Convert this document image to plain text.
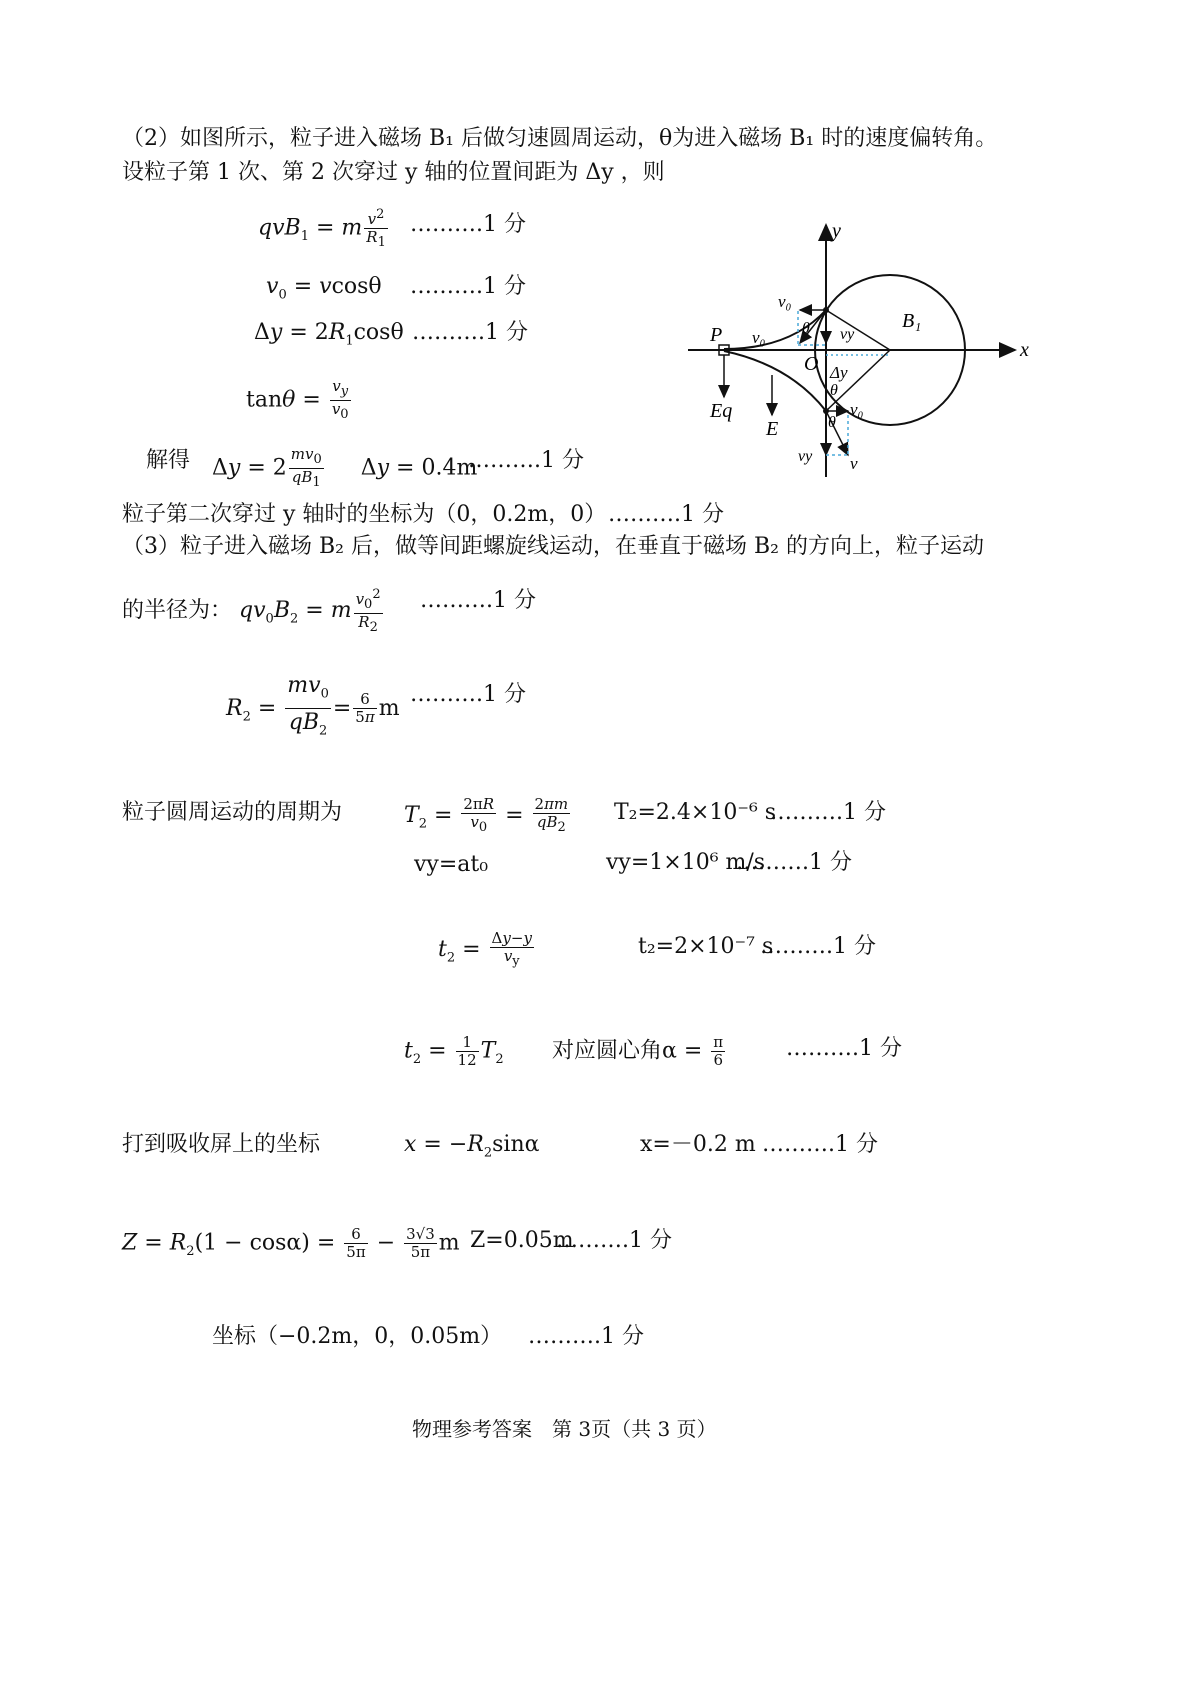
（2）如图所示，粒子进入磁场 B₁ 后做匀速圆周运动，θ为进入磁场 B₁ 时的速度偏转角。
设粒子第 1 次、第 2 次穿过 y 轴的位置间距为 Δy ，则
qvB$_1$ = m $\frac{v^2}{R_1}$ ……….1 分
$v_0 = vcos\theta$ ……….1 分
$\Delta y = 2R_1\cos\theta$ ……….1 分
$\tan\theta = \frac{v_y}{v_0}$
解得 $\Delta y = 2 \frac{mv_0}{qB_1}$ Δy = 0.4m
……….1 分
粒子第二次穿过 y 轴时的坐标为（0，0.2m，0） ……….1 分
x
y
B₁
P v₀
Eq
E
v₀
θ vy
O Δy
θ
v₀
θ
vy v
（3）粒子进入磁场 B₂ 后，做等间距螺旋线运动，在垂直于磁场 B₂ 的方向上，粒子运动
的半径为： $qv_0B_2 = m \frac{v_0^2}{R_2}$ ……….1 分
$R_2 = \frac{mv_0}{qB_2} = \frac{6}{5\pi}$ m
……….1 分
粒子圆周运动的周期为	$T_2 = \frac{2\pi R}{v_0} = \frac{2\pi m}{qB_2} T_2=2.4\times 10^{-6}$ s
……….1 分
vy=at₀	vy=1×10⁶ m/s
……….1 分
$t_2 = \frac{\Delta y-y}{v_y}$	t₂=2×10⁻⁷ s
……….1 分
$t_2 = \frac{1}{12} T_2$ 对应圆心角$\alpha = \frac{\pi}{6}$	……….1 分
打到吸收屏上的坐标	$x = -R_2\sin\alpha$	x=－0.2 m ……….1 分
$Z = R_2(1 - \cos\alpha) = \frac{6}{5\pi} - \frac{3√3}{5\pi}$ m Z=0.05m
……….1 分
坐标（−0.2m，0，0.05m） ……….1 分
物理参考答案　第 3页（共 3 页）
